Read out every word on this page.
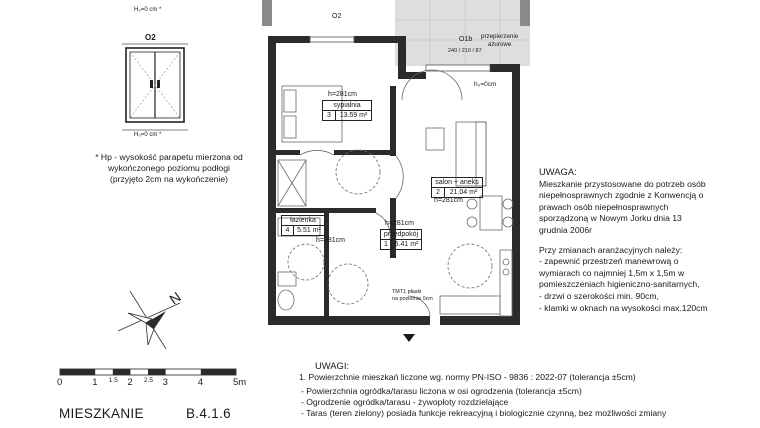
H₀=0 cm *
O2
H₀=0 cm *
* Hp - wysokość parapetu mierzona od
wykończonego poziomu podłogi
(przyjęto 2cm na wykończenie)
O2
O1b przepierzenie
ażurowe
h₀=0cm
240 / 210 / 87
TMT1 płaski
na poziomie 0cm
h=281cm
sypialnia
3	13.59 m²
salon + aneks
2	21.04 m²
h=281cm
łazienka
4	5.51 m²
h=281cm
h=281cm
przedpokój
1 5.41 m²
N
0	1 1.5 2 2.5 3	4	5m
MIESZKANIE	B.4.1.6
UWAGA:
Mieszkanie przystosowane do potrzeb osób
niepełnosprawnych zgodnie z Konwencją o
prawach osób niepełnosprawnych
sporządzoną w Nowym Jorku dnia 13
grudnia 2006r
Przy zmianach aranżacyjnych należy:
- zapewnić przestrzeń manewrową o
wymiarach co najmniej 1,5m x 1,5m w
pomieszczeniach higieniczno-sanitarnych,
- drzwi o szerokości min. 90cm,
- klamki w oknach na wysokości max.120cm
UWAGI:
1. Powierzchnie mieszkań liczone wg. normy PN-ISO - 9836 : 2022-07 (tolerancja ±5cm)
- Powierzchnia ogródka/tarasu liczona w osi ogrodzenia (tolerancja ±5cm)
- Ogrodzenie ogródka/tarasu - żywopłoty rozdzielające
- Taras (teren zielony) posiada funkcje rekreacyjną i biologicznie czynną, bez możliwości zmiany
